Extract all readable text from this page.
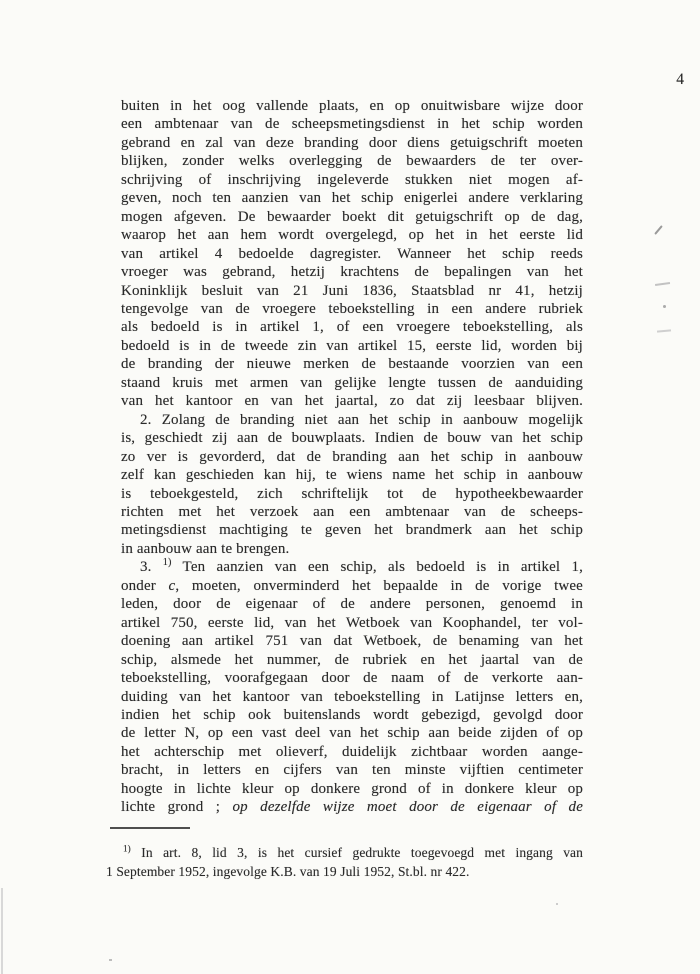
4
buiten in het oog vallende plaats, en op onuitwisbare wijze door
een ambtenaar van de scheepsmetingsdienst in het schip worden
gebrand en zal van deze branding door diens getuigschrift moeten
blijken, zonder welks overlegging de bewaarders de ter over-
schrijving of inschrijving ingeleverde stukken niet mogen af-
geven, noch ten aanzien van het schip enigerlei andere verklaring
mogen afgeven. De bewaarder boekt dit getuigschrift op de dag,
waarop het aan hem wordt overgelegd, op het in het eerste lid
van artikel 4 bedoelde dagregister. Wanneer het schip reeds
vroeger was gebrand, hetzij krachtens de bepalingen van het
Koninklijk besluit van 21 Juni 1836, Staatsblad nr 41, hetzij
tengevolge van de vroegere teboekstelling in een andere rubriek
als bedoeld is in artikel 1, of een vroegere teboekstelling, als
bedoeld is in de tweede zin van artikel 15, eerste lid, worden bij
de branding der nieuwe merken de bestaande voorzien van een
staand kruis met armen van gelijke lengte tussen de aanduiding
van het kantoor en van het jaartal, zo dat zij leesbaar blijven.
2. Zolang de branding niet aan het schip in aanbouw mogelijk
is, geschiedt zij aan de bouwplaats. Indien de bouw van het schip
zo ver is gevorderd, dat de branding aan het schip in aanbouw
zelf kan geschieden kan hij, te wiens name het schip in aanbouw
is teboekgesteld, zich schriftelijk tot de hypotheekbewaarder
richten met het verzoek aan een ambtenaar van de scheeps-
metingsdienst machtiging te geven het brandmerk aan het schip
in aanbouw aan te brengen.
3. $^{1)}$ Ten aanzien van een schip, als bedoeld is in artikel 1,
onder c, moeten, onverminderd het bepaalde in de vorige twee
leden, door de eigenaar of de andere personen, genoemd in
artikel 750, eerste lid, van het Wetboek van Koophandel, ter vol-
doening aan artikel 751 van dat Wetboek, de benaming van het
schip, alsmede het nummer, de rubriek en het jaartal van de
teboekstelling, voorafgegaan door de naam of de verkorte aan-
duiding van het kantoor van teboekstelling in Latijnse letters en,
indien het schip ook buitenslands wordt gebezigd, gevolgd door
de letter N, op een vast deel van het schip aan beide zijden of op
het achterschip met olieverf, duidelijk zichtbaar worden aange-
bracht, in letters en cijfers van ten minste vijftien centimeter
hoogte in lichte kleur op donkere grond of in donkere kleur op
lichte grond ; op dezelfde wijze moet door de eigenaar of de
$^{1)}$ In art. 8, lid 3, is het cursief gedrukte toegevoegd met ingang van
1 September 1952, ingevolge K.B. van 19 Juli 1952, St.bl. nr 422.
